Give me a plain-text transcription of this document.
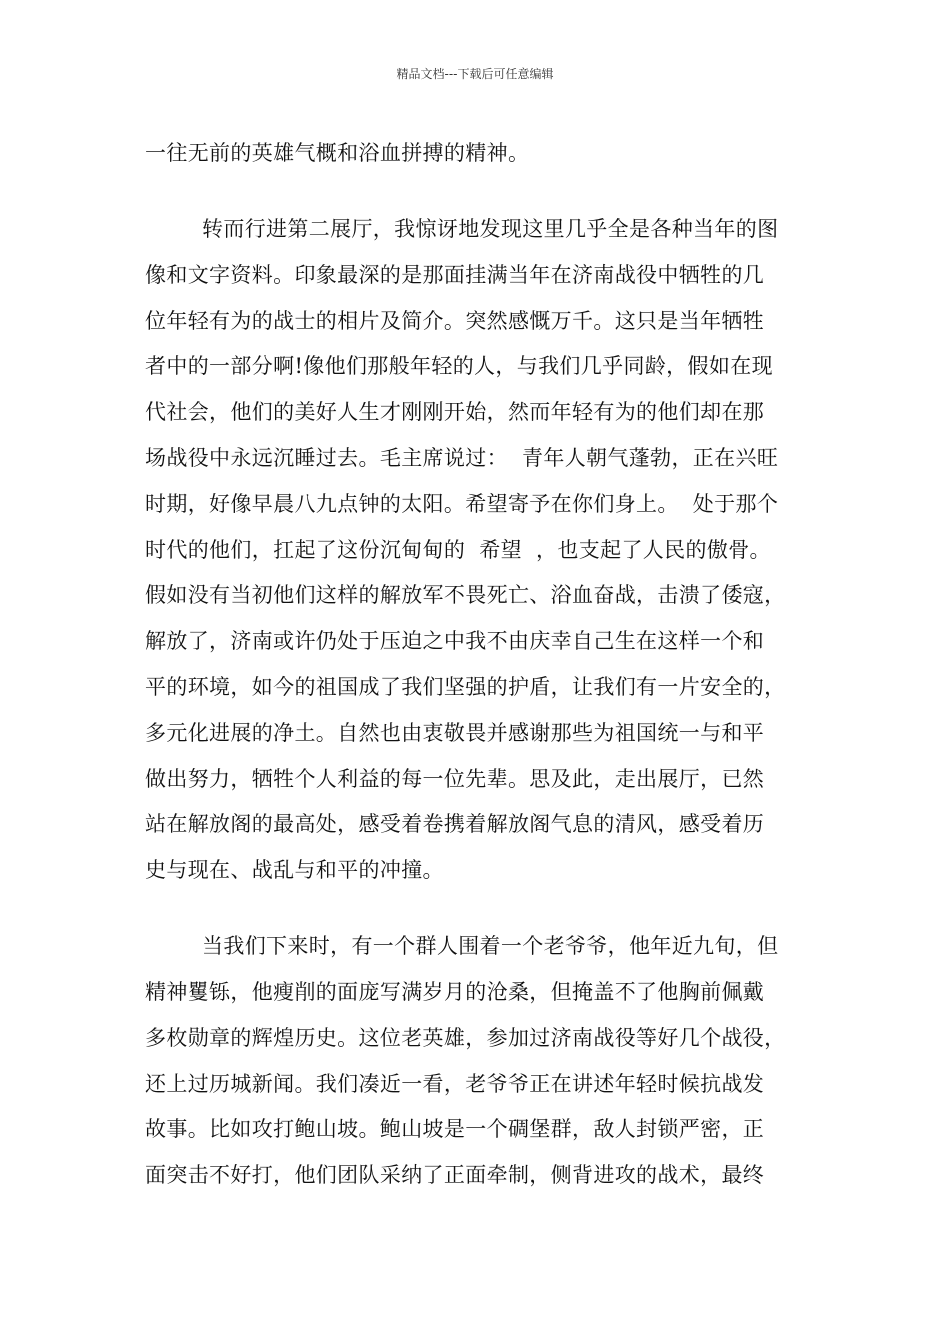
精品文档---下载后可任意编辑
一往无前的英雄气概和浴血拼搏的精神。
转而行进第二展厅，我惊讶地发现这里几乎全是各种当年的图
像和文字资料。印象最深的是那面挂满当年在济南战役中牺牲的几
位年轻有为的战士的相片及简介。突然感慨万千。这只是当年牺牲
者中的一部分啊!像他们那般年轻的人，与我们几乎同龄，假如在现
代社会，他们的美好人生才刚刚开始，然而年轻有为的他们却在那
场战役中永远沉睡过去。毛主席说过：  青年人朝气蓬勃，正在兴旺
时期，好像早晨八九点钟的太阳。希望寄予在你们身上。  处于那个
时代的他们，扛起了这份沉甸甸的  希望  ，也支起了人民的傲骨。
假如没有当初他们这样的解放军不畏死亡、浴血奋战，击溃了倭寇，
解放了，济南或许仍处于压迫之中我不由庆幸自己生在这样一个和
平的环境，如今的祖国成了我们坚强的护盾，让我们有一片安全的，
多元化进展的净土。自然也由衷敬畏并感谢那些为祖国统一与和平
做出努力，牺牲个人利益的每一位先辈。思及此，走出展厅，已然
站在解放阁的最高处，感受着卷携着解放阁气息的清风，感受着历
史与现在、战乱与和平的冲撞。
当我们下来时，有一个群人围着一个老爷爷，他年近九旬，但
精神矍铄，他瘦削的面庞写满岁月的沧桑，但掩盖不了他胸前佩戴
多枚勋章的辉煌历史。这位老英雄，参加过济南战役等好几个战役，
还上过历城新闻。我们凑近一看，老爷爷正在讲述年轻时候抗战发
故事。比如攻打鲍山坡。鲍山坡是一个碉堡群，敌人封锁严密，正
面突击不好打，他们团队采纳了正面牵制，侧背进攻的战术，最终
